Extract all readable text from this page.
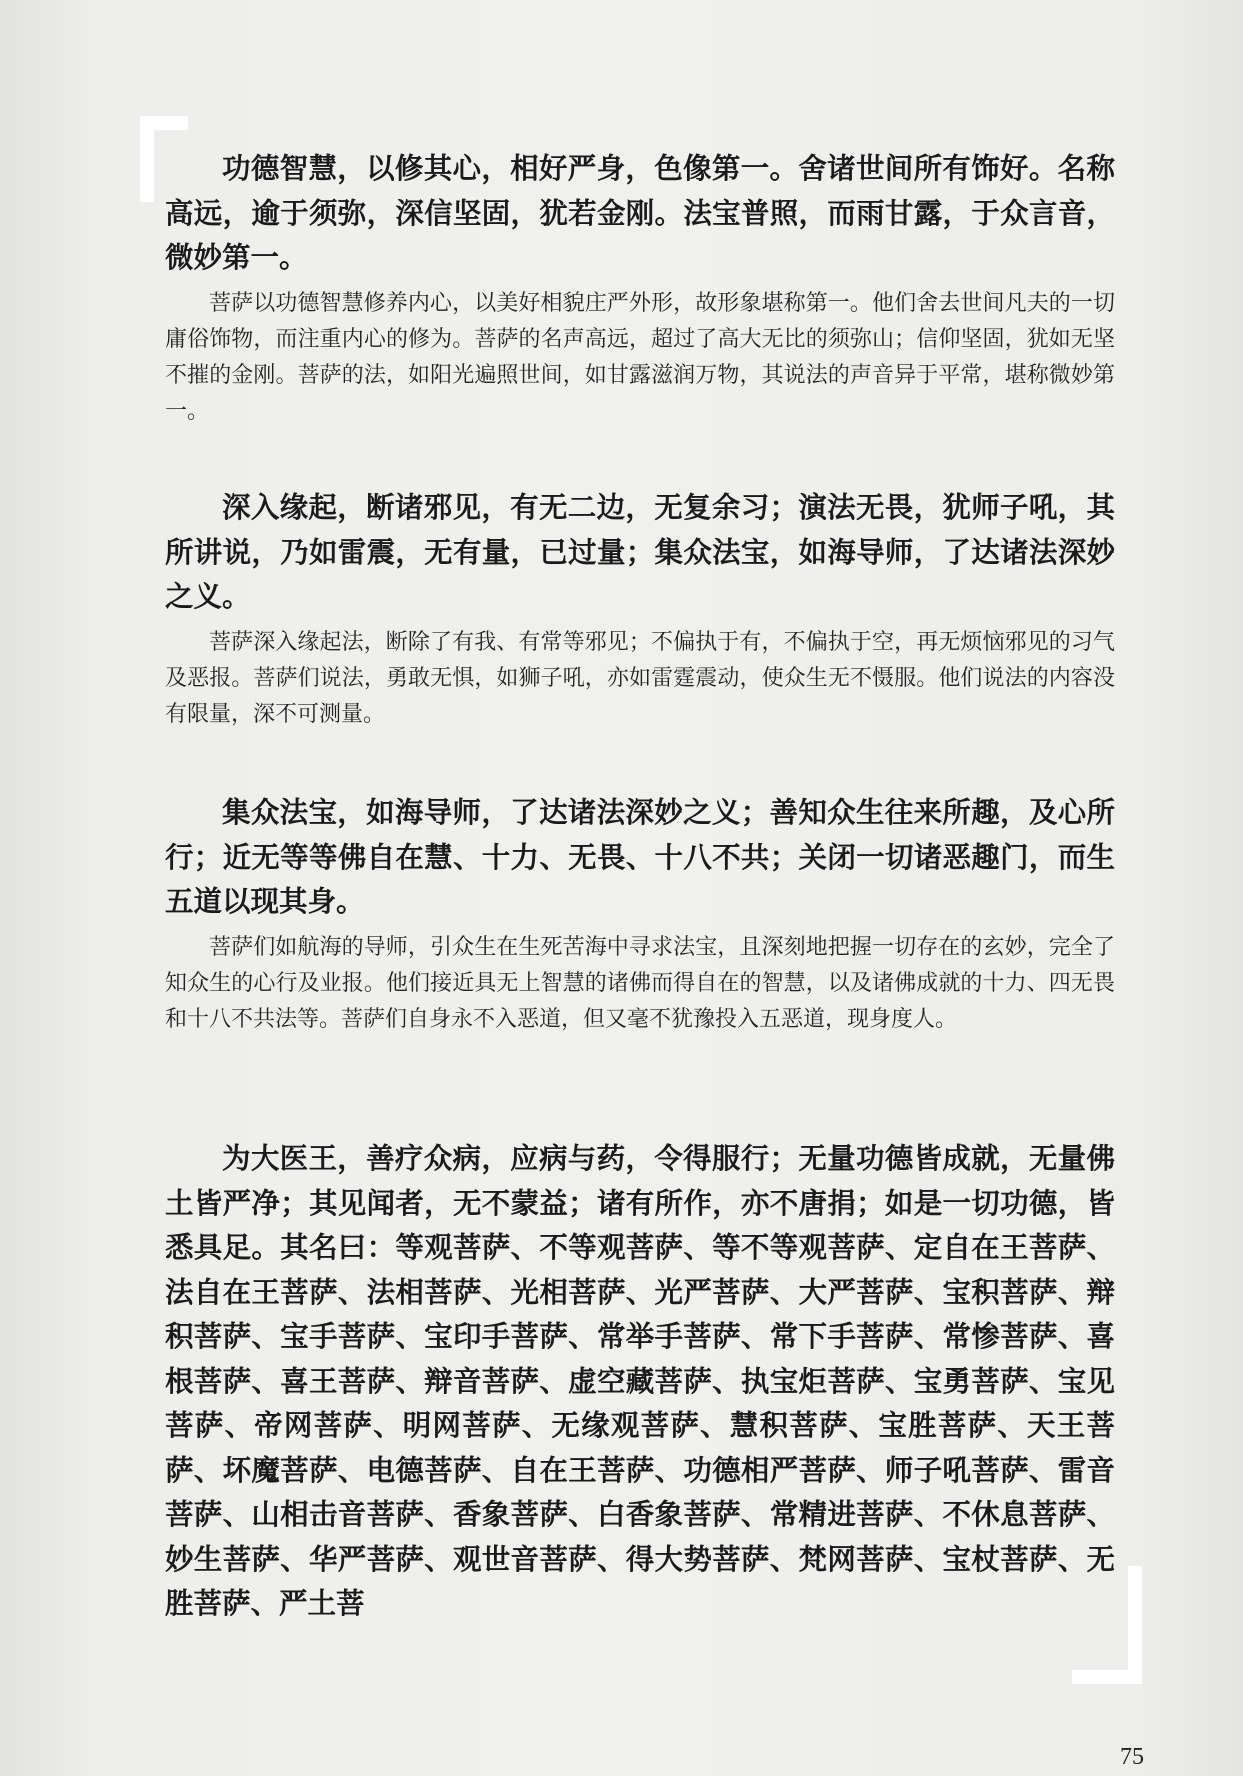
功德智慧，以修其心，相好严身，色像第一。舍诸世间所有饰好。名称高远，逾于须弥，深信坚固，犹若金刚。法宝普照，而雨甘露，于众言音，微妙第一。

菩萨以功德智慧修养内心，以美好相貌庄严外形，故形象堪称第一。他们舍去世间凡夫的一切庸俗饰物，而注重内心的修为。菩萨的名声高远，超过了高大无比的须弥山；信仰坚固，犹如无坚不摧的金刚。菩萨的法，如阳光遍照世间，如甘露滋润万物，其说法的声音异于平常，堪称微妙第一。

深入缘起，断诸邪见，有无二边，无复余习；演法无畏，犹师子吼，其所讲说，乃如雷震，无有量，已过量；集众法宝，如海导师，了达诸法深妙之义。

菩萨深入缘起法，断除了有我、有常等邪见；不偏执于有，不偏执于空，再无烦恼邪见的习气及恶报。菩萨们说法，勇敢无惧，如狮子吼，亦如雷霆震动，使众生无不慑服。他们说法的内容没有限量，深不可测量。

集众法宝，如海导师，了达诸法深妙之义；善知众生往来所趣，及心所行；近无等等佛自在慧、十力、无畏、十八不共；关闭一切诸恶趣门，而生五道以现其身。

菩萨们如航海的导师，引众生在生死苦海中寻求法宝，且深刻地把握一切存在的玄妙，完全了知众生的心行及业报。他们接近具无上智慧的诸佛而得自在的智慧，以及诸佛成就的十力、四无畏和十八不共法等。菩萨们自身永不入恶道，但又毫不犹豫投入五恶道，现身度人。

为大医王，善疗众病，应病与药，令得服行；无量功德皆成就，无量佛土皆严净；其见闻者，无不蒙益；诸有所作，亦不唐捐；如是一切功德，皆悉具足。其名曰：等观菩萨、不等观菩萨、等不等观菩萨、定自在王菩萨、法自在王菩萨、法相菩萨、光相菩萨、光严菩萨、大严菩萨、宝积菩萨、辩积菩萨、宝手菩萨、宝印手菩萨、常举手菩萨、常下手菩萨、常惨菩萨、喜根菩萨、喜王菩萨、辩音菩萨、虚空藏菩萨、执宝炬菩萨、宝勇菩萨、宝见菩萨、帝网菩萨、明网菩萨、无缘观菩萨、慧积菩萨、宝胜菩萨、天王菩萨、坏魔菩萨、电德菩萨、自在王菩萨、功德相严菩萨、师子吼菩萨、雷音菩萨、山相击音菩萨、香象菩萨、白香象菩萨、常精进菩萨、不休息菩萨、妙生菩萨、华严菩萨、观世音菩萨、得大势菩萨、梵网菩萨、宝杖菩萨、无胜菩萨、严土菩

75
